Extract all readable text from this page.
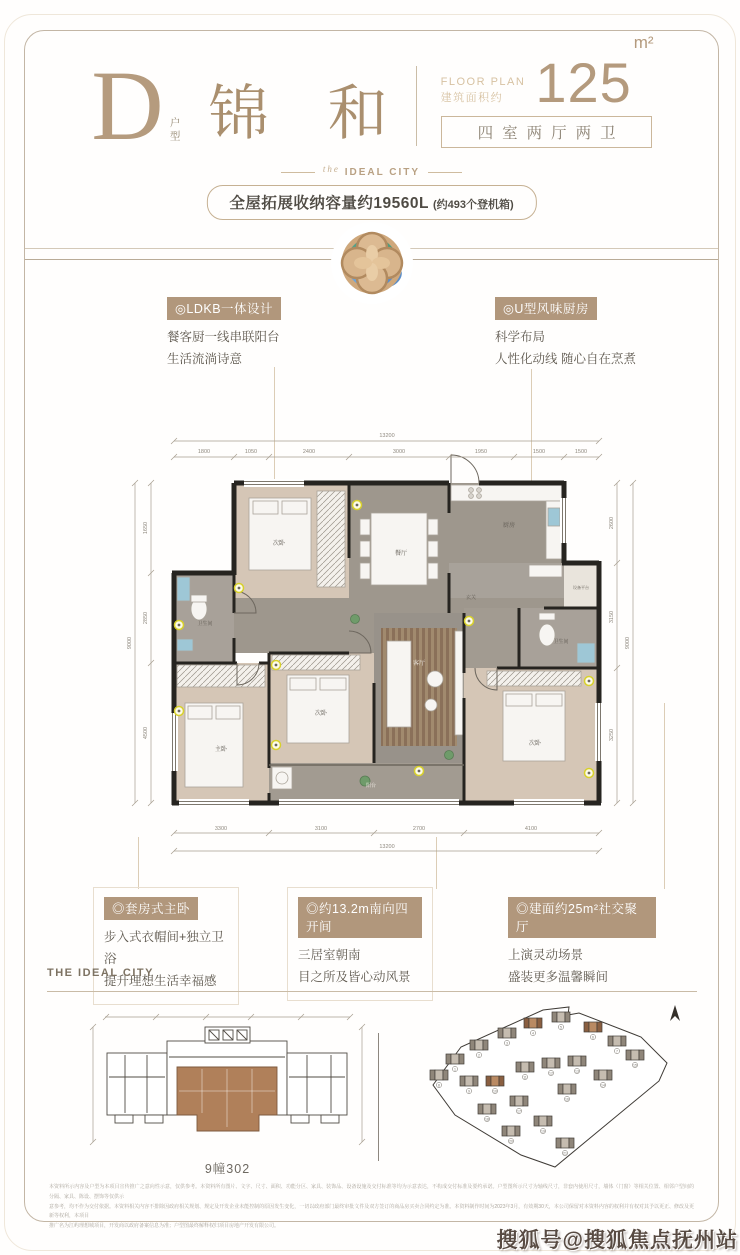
D 户型 锦 和	FLOOR PLAN
建筑面积约 125m²
四室两厅两卫
the IDEAL CITY
全屋拓展收纳容量约19560L (约493个登机箱)
◎LDKB一体设计
餐客厨一线串联阳台
生活流淌诗意
◎U型风味厨房
科学布局
人性化动线 随心自在烹煮
次卧
餐厅
厨房
设备平台
卫生间
主卧
次卧
客厅
次卧
阳台
卫生间
玄关
13200
1800	1050	2400	3000	1950	1500	1500
3300	3100	2700	4100
13200
1650
2850
4500
9000
2600
3150
3250
9000
◎套房式主卧
步入式衣帽间+独立卫浴
提升理想生活幸福感
◎约13.2m南向四开间
三居室朝南
目之所及皆心动风景
◎建面约25m²社交聚厅
上演灵动场景
盛装更多温馨瞬间
THE IDEAL CITY
9幢302
1
2
3
4
5
6
7
8
9	10
11
12	13
14
15
16
17
18
19
20
21
本资料所示内容及户型为本项目宣传推广之意向性示意，仅供参考。本资料所有图片、文字、尺寸、面积、功能分区、家具、装饰品、设备设施及交付标准等均为示意表达，不构成交付标准及要约承诺。户型图所示尺寸为轴线尺寸，非套内使用尺寸，墙体（门窗）等相关位置、相邻户型间的分隔、家具、陈设、摆饰等仅供示
意参考，均不作为交付依据。本资料相关内容不排除因政府相关规划、规定及开发企业未能控制的原因发生变化，一切以政府部门最终审批文件及双方签订的商品房买卖合同约定为准。本资料制作时间为2023年3月，有效期30天，本公司保留对本资料内容的权利并有权对其予以更正、修改及更新等权利，本项目
推广名为江屿理想城项目，开发商以政府备案信息为准；户型图最终解释权归项目房地产开发有限公司。
搜狐号@搜狐焦点抚州站
